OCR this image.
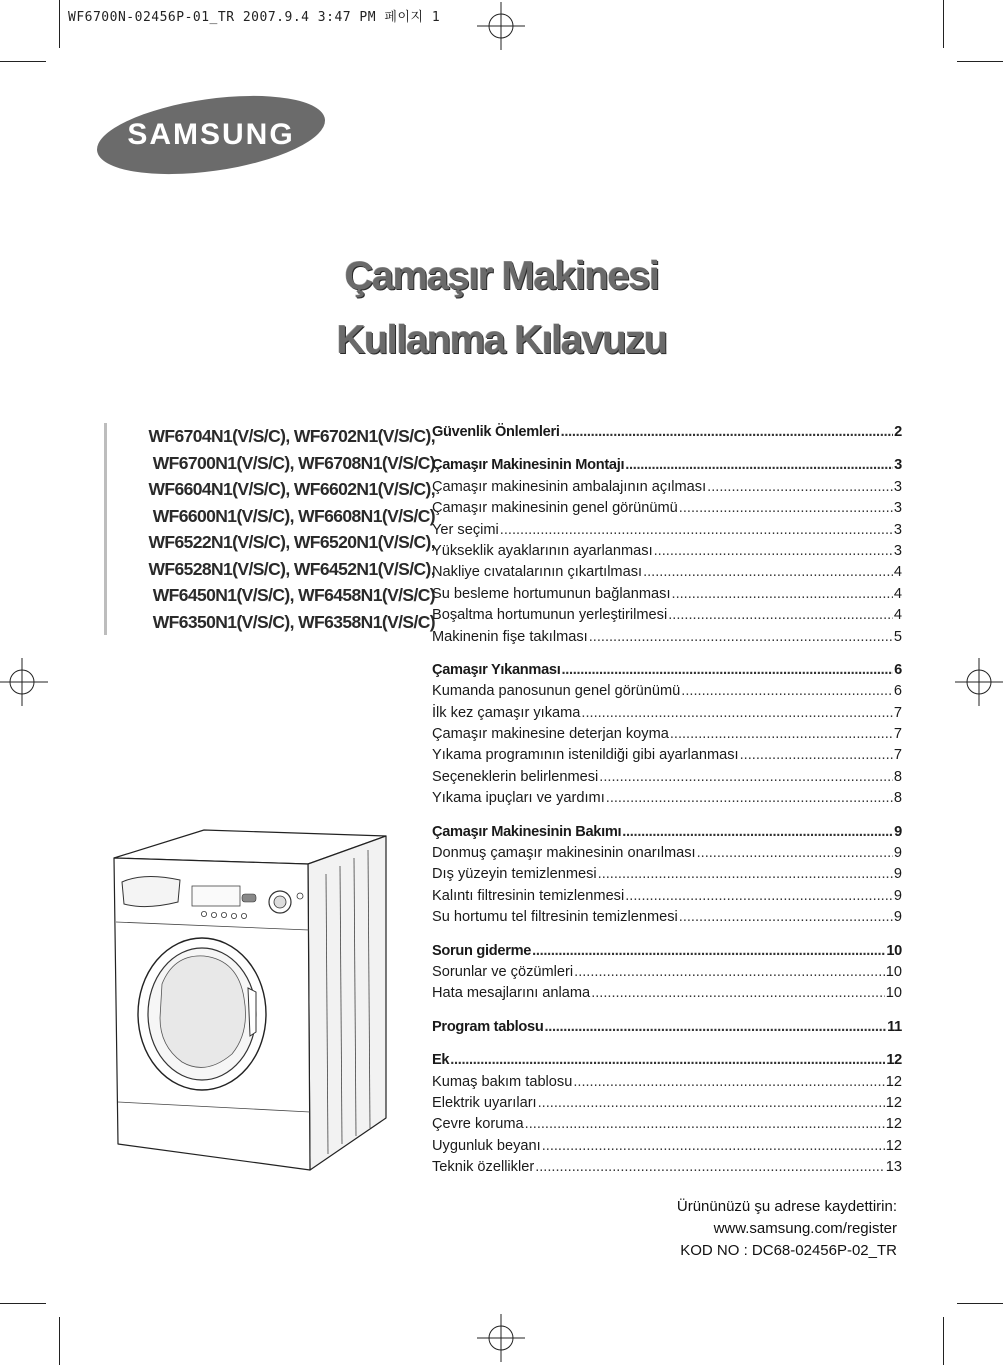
WF6700N-02456P-01_TR 2007.9.4 3:47 PM 페이지 1
SAMSUNG
Çamaşır Makinesi
Kullanma Kılavuzu
WF6704N1(V/S/C), WF6702N1(V/S/C),
WF6700N1(V/S/C), WF6708N1(V/S/C)
WF6604N1(V/S/C), WF6602N1(V/S/C),
WF6600N1(V/S/C), WF6608N1(V/S/C)
WF6522N1(V/S/C), WF6520N1(V/S/C),
WF6528N1(V/S/C), WF6452N1(V/S/C),
WF6450N1(V/S/C), WF6458N1(V/S/C)
WF6350N1(V/S/C), WF6358N1(V/S/C)
Güvenlik Önlemleri .....	2
Çamaşır Makinesinin Montajı .....	3
Çamaşır makinesinin ambalajının açılması .....	3
Çamaşır makinesinin genel görünümü .....	3
Yer seçimi .....	3
Yükseklik ayaklarının ayarlanması .....	3
Nakliye cıvatalarının çıkartılması .....	4
Su besleme hortumunun bağlanması .....	4
Boşaltma hortumunun yerleştirilmesi .....	4
Makinenin fişe takılması .....	5
Çamaşır Yıkanması .....	6
Kumanda panosunun genel görünümü .....	6
İlk kez çamaşır yıkama .....	7
Çamaşır makinesine deterjan koyma .....	7
Yıkama programının istenildiği gibi ayarlanması .....	7
Seçeneklerin belirlenmesi .....	8
Yıkama ipuçları ve yardımı .....	8
Çamaşır Makinesinin Bakımı .....	9
Donmuş çamaşır makinesinin onarılması .....	9
Dış yüzeyin temizlenmesi .....	9
Kalıntı filtresinin temizlenmesi .....	9
Su hortumu tel filtresinin temizlenmesi .....	9
Sorun giderme .....	10
Sorunlar ve çözümleri .....	10
Hata mesajlarını anlama .....	10
Program tablosu .....	11
Ek .....	12
Kumaş bakım tablosu .....	12
Elektrik uyarıları .....	12
Çevre koruma .....	12
Uygunluk beyanı .....	12
Teknik özellikler .....	13
Ürününüzü şu adrese kaydettirin:
www.samsung.com/register
KOD NO : DC68-02456P-02_TR
